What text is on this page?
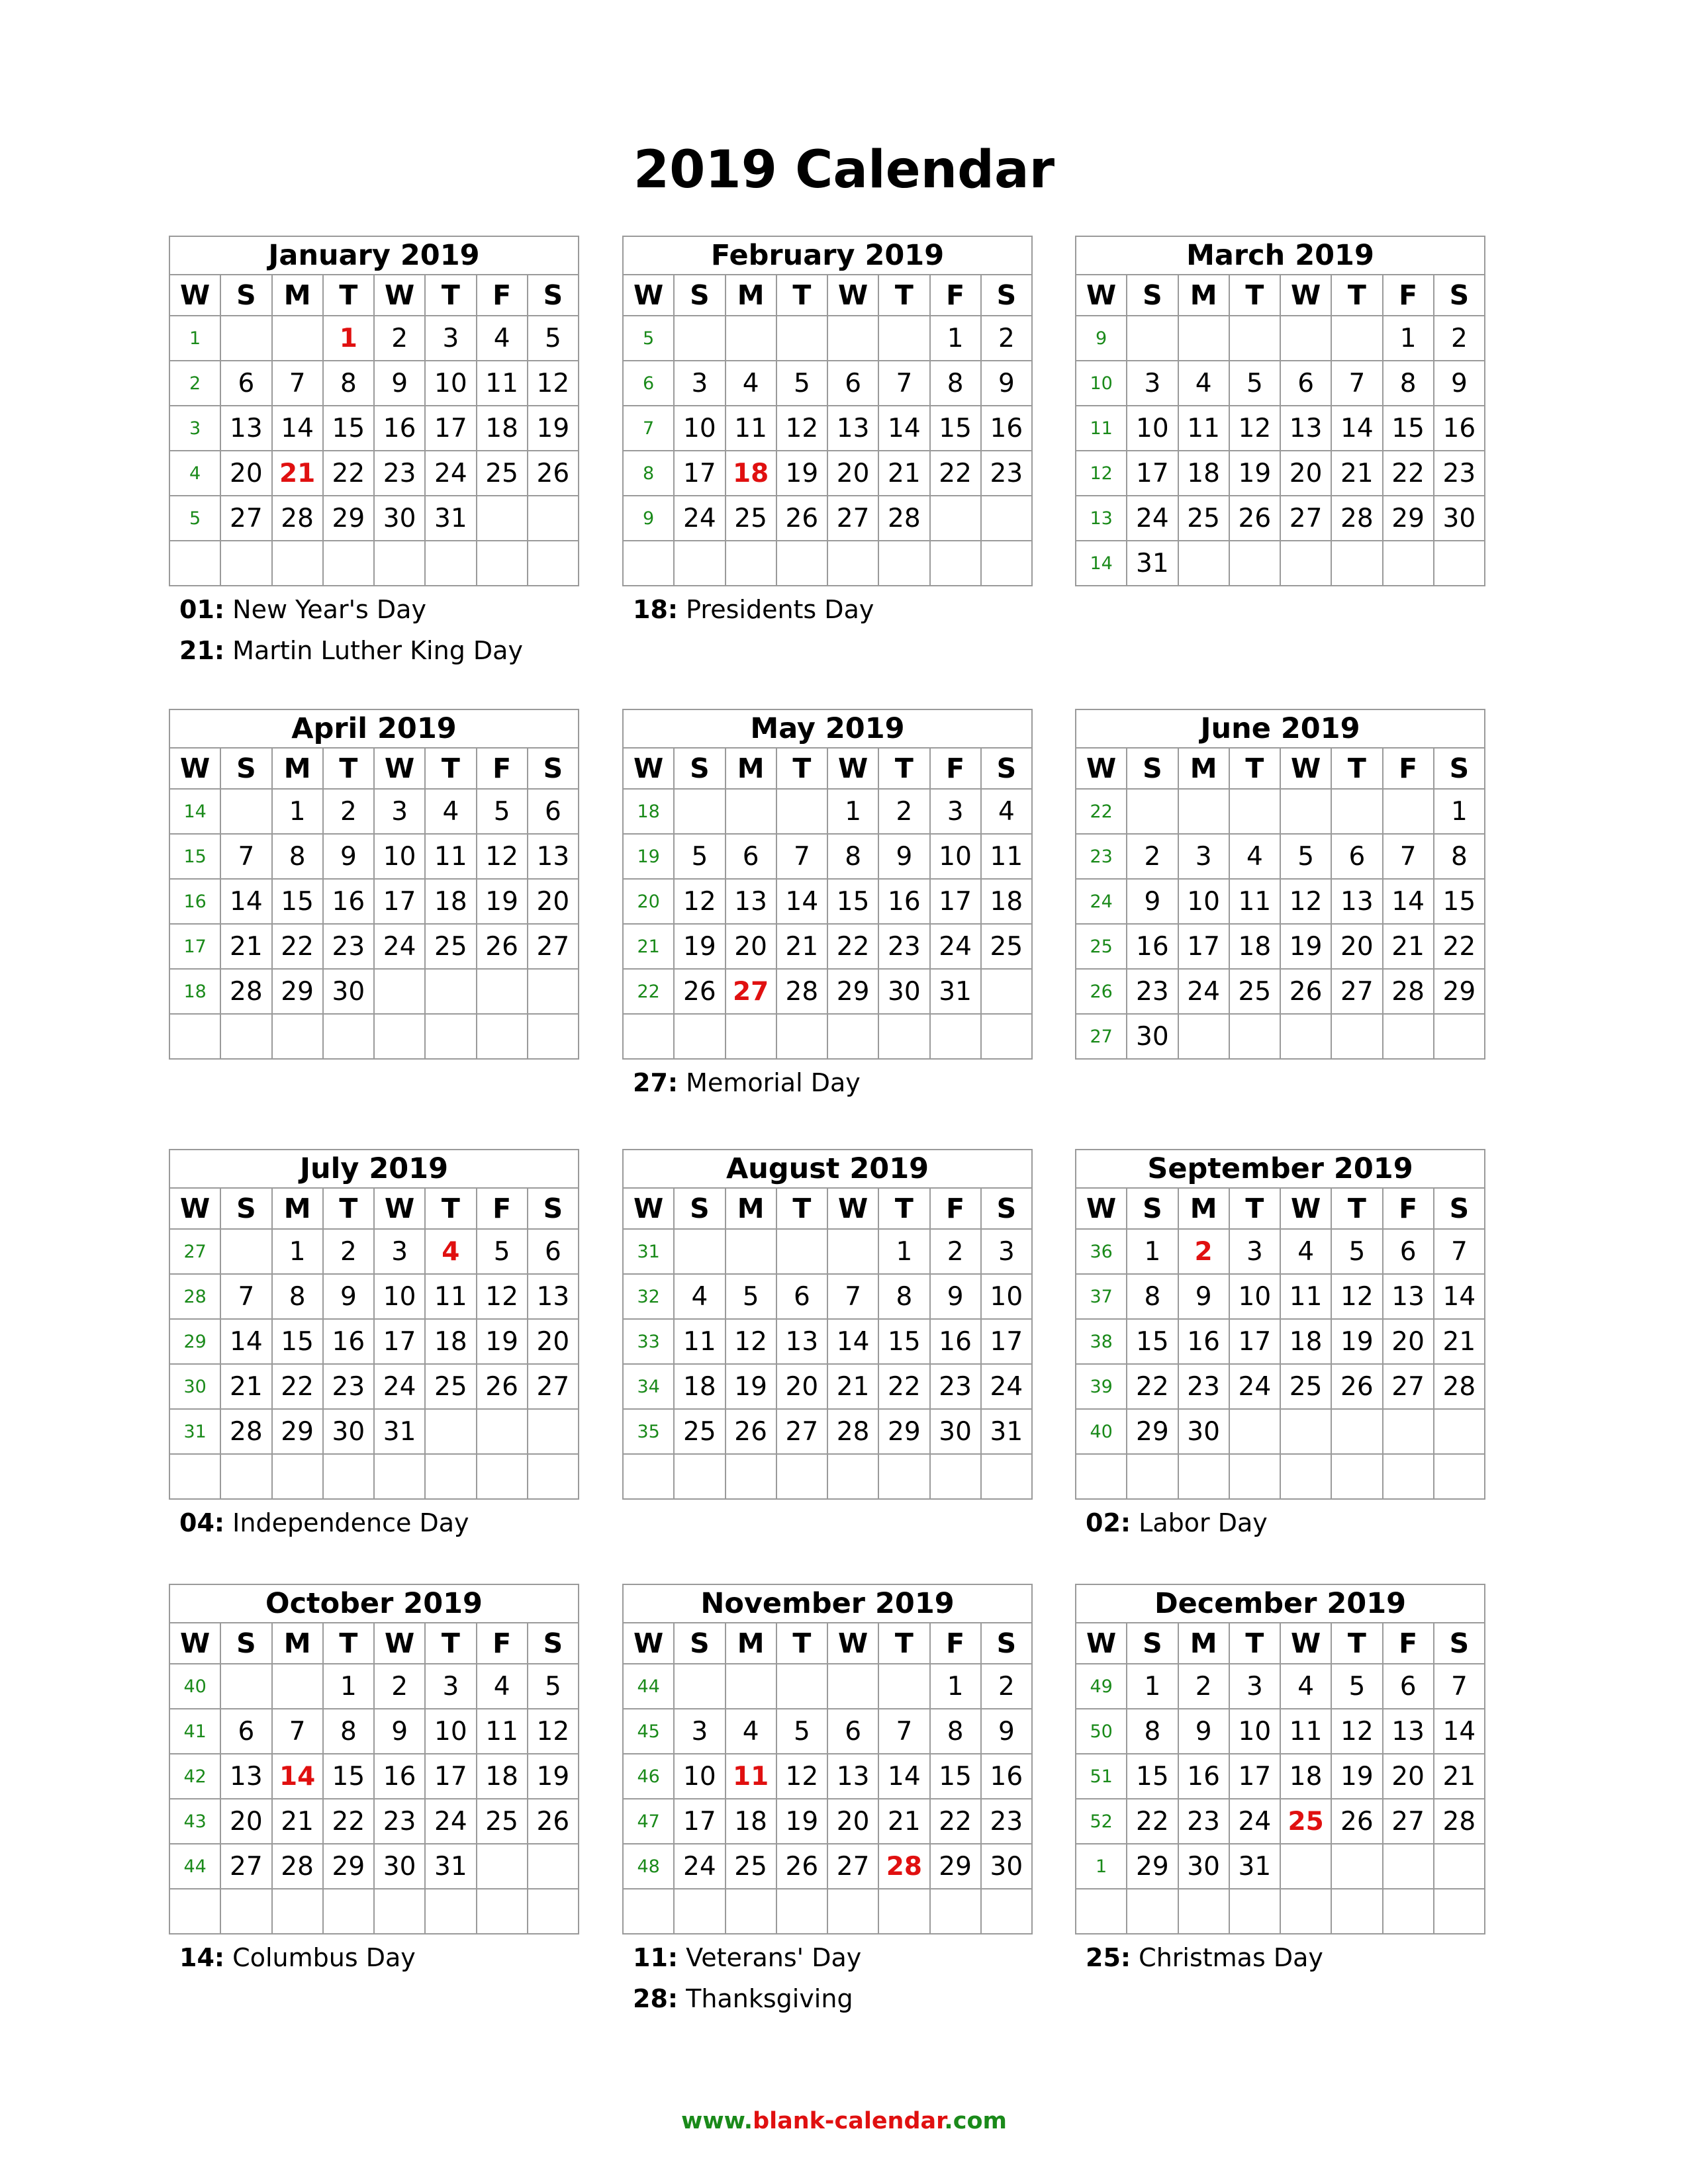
2019 Calendar
January 2019							
W	S	M	T	W	T	F	S
1			1	2	3	4	5
2	6	7	8	9	10	11	12
3	13	14	15	16	17	18	19
4	20	21	22	23	24	25	26
5	27	28	29	30	31		

01: New Year's Day
21: Martin Luther King Day
February 2019							
W	S	M	T	W	T	F	S
5						1	2
6	3	4	5	6	7	8	9
7	10	11	12	13	14	15	16
8	17	18	19	20	21	22	23
9	24	25	26	27	28		

18: Presidents Day
March 2019							
W	S	M	T	W	T	F	S
9						1	2
10	3	4	5	6	7	8	9
11	10	11	12	13	14	15	16
12	17	18	19	20	21	22	23
13	24	25	26	27	28	29	30
14	31						
April 2019							
W	S	M	T	W	T	F	S
14		1	2	3	4	5	6
15	7	8	9	10	11	12	13
16	14	15	16	17	18	19	20
17	21	22	23	24	25	26	27
18	28	29	30				

May 2019							
W	S	M	T	W	T	F	S
18				1	2	3	4
19	5	6	7	8	9	10	11
20	12	13	14	15	16	17	18
21	19	20	21	22	23	24	25
22	26	27	28	29	30	31	

27: Memorial Day
June 2019							
W	S	M	T	W	T	F	S
22							1
23	2	3	4	5	6	7	8
24	9	10	11	12	13	14	15
25	16	17	18	19	20	21	22
26	23	24	25	26	27	28	29
27	30						
July 2019							
W	S	M	T	W	T	F	S
27		1	2	3	4	5	6
28	7	8	9	10	11	12	13
29	14	15	16	17	18	19	20
30	21	22	23	24	25	26	27
31	28	29	30	31			

04: Independence Day
August 2019							
W	S	M	T	W	T	F	S
31					1	2	3
32	4	5	6	7	8	9	10
33	11	12	13	14	15	16	17
34	18	19	20	21	22	23	24
35	25	26	27	28	29	30	31

September 2019							
W	S	M	T	W	T	F	S
36	1	2	3	4	5	6	7
37	8	9	10	11	12	13	14
38	15	16	17	18	19	20	21
39	22	23	24	25	26	27	28
40	29	30					

02: Labor Day
October 2019							
W	S	M	T	W	T	F	S
40			1	2	3	4	5
41	6	7	8	9	10	11	12
42	13	14	15	16	17	18	19
43	20	21	22	23	24	25	26
44	27	28	29	30	31		

14: Columbus Day
November 2019							
W	S	M	T	W	T	F	S
44						1	2
45	3	4	5	6	7	8	9
46	10	11	12	13	14	15	16
47	17	18	19	20	21	22	23
48	24	25	26	27	28	29	30

11: Veterans' Day
28: Thanksgiving
December 2019							
W	S	M	T	W	T	F	S
49	1	2	3	4	5	6	7
50	8	9	10	11	12	13	14
51	15	16	17	18	19	20	21
52	22	23	24	25	26	27	28
1	29	30	31				

25: Christmas Day
www.blank-calendar.com
